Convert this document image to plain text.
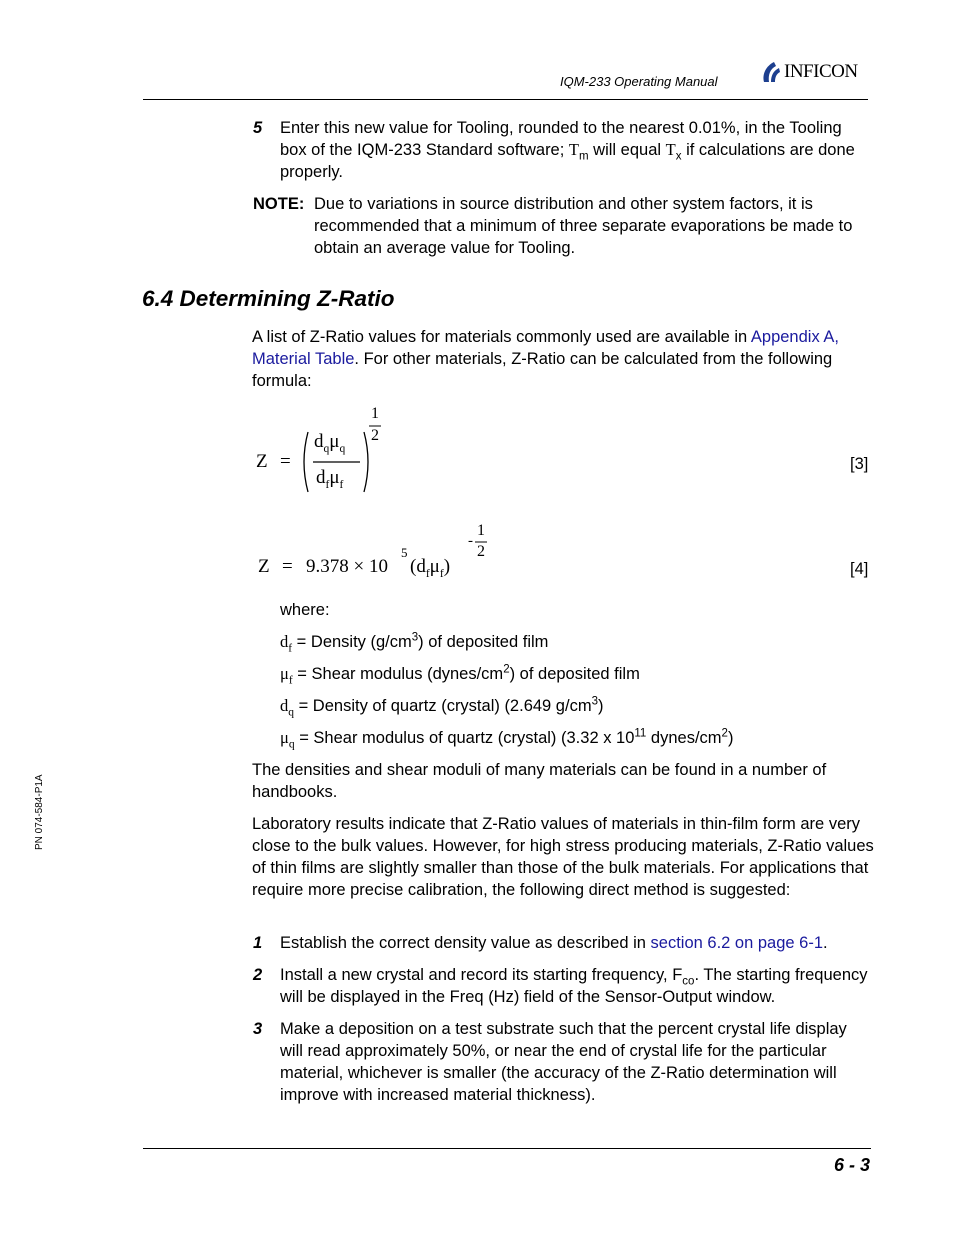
IQM-233 Operating Manual	INFICON
5 Enter this new value for Tooling, rounded to the nearest 0.01%, in the Tooling box of the IQM-233 Standard software; $T_m$ will equal $T_x$ if calculations are done properly.
NOTE: Due to variations in source distribution and other system factors, it is recommended that a minimum of three separate evaporations be made to obtain an average value for Tooling.
6.4 Determining Z-Ratio
A list of Z-Ratio values for materials commonly used are available in Appendix A, Material Table. For other materials, Z-Ratio can be calculated from the following formula:
Z =
$d_q\mu_q$
$d_f\mu_f$
1
2
[3]
Z = 9.378 × 10
5
$(d_f\mu_f)$
-
1
2
[4]
where:
$d_f$ = Density $(g/cm^3)$ of deposited film
$\mu_f$ = Shear modulus $(dynes/cm^2)$ of deposited film
$d_q$ = Density of quartz (crystal) (2.649 $g/cm^3$)
$\mu_q$ = Shear modulus of quartz (crystal) (3.32 x $10^{11}$ dynes/$cm^2$)
The densities and shear moduli of many materials can be found in a number of handbooks.
Laboratory results indicate that Z-Ratio values of materials in thin-film form are very close to the bulk values. However, for high stress producing materials, Z-Ratio values of thin films are slightly smaller than those of the bulk materials. For applications that require more precise calibration, the following direct method is suggested:
1 Establish the correct density value as described in section 6.2 on page 6-1.
2 Install a new crystal and record its starting frequency, $F_{co}$. The starting frequency will be displayed in the Freq (Hz) field of the Sensor-Output window.
3 Make a deposition on a test substrate such that the percent crystal life display will read approximately 50%, or near the end of crystal life for the particular material, whichever is smaller (the accuracy of the Z-Ratio determination will improve with increased material thickness).
PN 074-584-P1A
6 - 3
